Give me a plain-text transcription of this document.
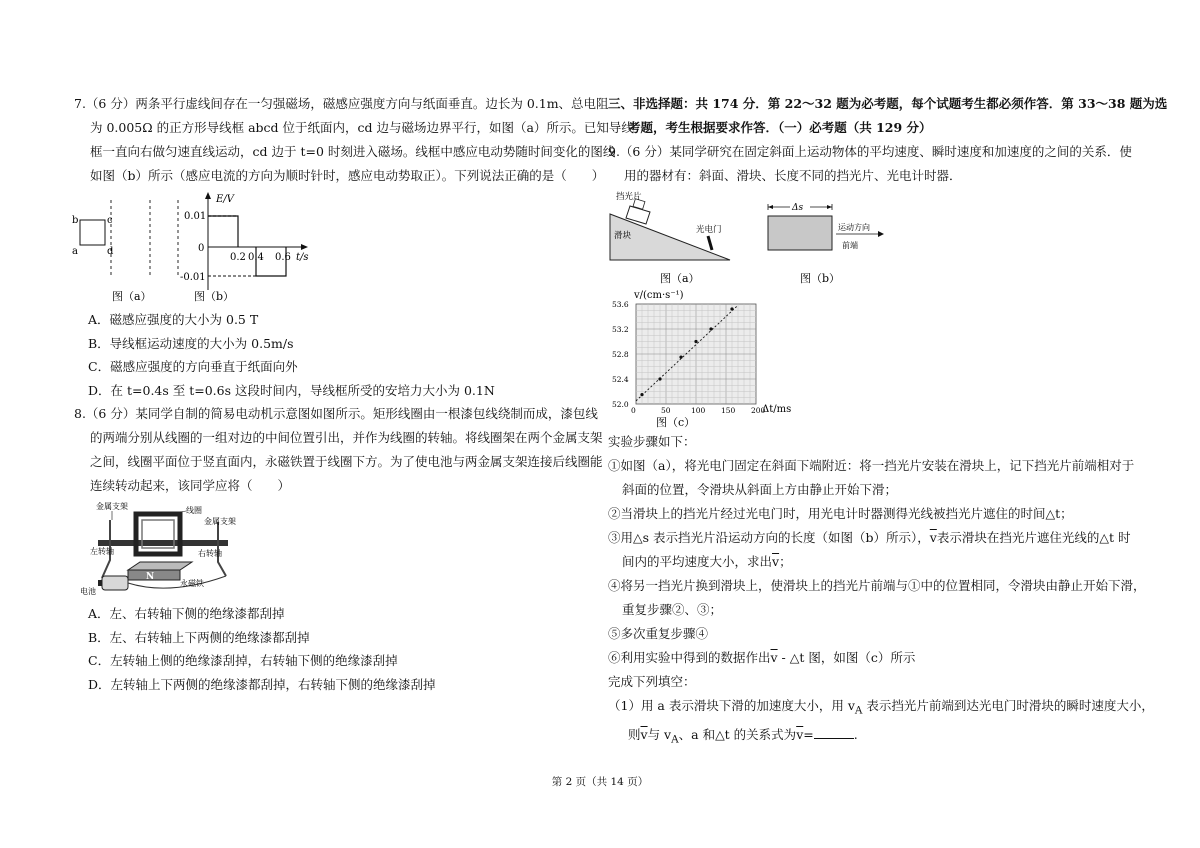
7.（6 分）两条平行虚线间存在一匀强磁场，磁感应强度方向与纸面垂直。边长为 0.1m、总电阻
为 0.005Ω 的正方形导线框 abcd 位于纸面内，cd 边与磁场边界平行，如图（a）所示。已知导线
框一直向右做匀速直线运动，cd 边于 t=0 时刻进入磁场。线框中感应电动势随时间变化的图线
如图（b）所示（感应电流的方向为顺时针时，感应电动势取正）。下列说法正确的是（　　）
b
a
c
d
图（a）
E/V
t/s
0.01
0
-0.01
0.2 0.4 0.6
图（b）
A．磁感应强度的大小为 0.5 T
B．导线框运动速度的大小为 0.5m/s
C．磁感应强度的方向垂直于纸面向外
D．在 t=0.4s 至 t=0.6s 这段时间内，导线框所受的安培力大小为 0.1N
8.（6 分）某同学自制的简易电动机示意图如图所示。矩形线圈由一根漆包线绕制而成，漆包线
的两端分别从线圈的一组对边的中间位置引出，并作为线圈的转轴。将线圈架在两个金属支架
之间，线圈平面位于竖直面内，永磁铁置于线圈下方。为了使电池与两金属支架连接后线圈能
连续转动起来，该同学应将（　　）
N
金属支架	线圈
金属支架
左转轴	右转轴
永磁铁
电池
A．左、右转轴下侧的绝缘漆都刮掉
B．左、右转轴上下两侧的绝缘漆都刮掉
C．左转轴上侧的绝缘漆刮掉，右转轴下侧的绝缘漆刮掉
D．左转轴上下两侧的绝缘漆都刮掉，右转轴下侧的绝缘漆刮掉
三、非选择题：共 174 分．第 22～32 题为必考题，每个试题考生都必须作答．第 33～38 题为选
考题，考生根据要求作答．（一）必考题（共 129 分）
9.（6 分）某同学研究在固定斜面上运动物体的平均速度、瞬时速度和加速度的之间的关系．使
用的器材有：斜面、滑块、长度不同的挡光片、光电计时器．
挡光片
滑块
光电门
图（a）
Δs
运动方向
前端
图（b）
v/(cm·s⁻¹)
0	50	100 150 200
52.0
52.4
52.8
53.2
53.6
Δt/ms
图（c）
实验步骤如下：
①如图（a），将光电门固定在斜面下端附近：将一挡光片安装在滑块上，记下挡光片前端相对于
斜面的位置，令滑块从斜面上方由静止开始下滑；
②当滑块上的挡光片经过光电门时，用光电计时器测得光线被挡光片遮住的时间△t；
③用△s 表示挡光片沿运动方向的长度（如图（b）所示），$\overline{v}$表示滑块在挡光片遮住光线的△t 时
间内的平均速度大小，求出$\overline{v}$；
④将另一挡光片换到滑块上，使滑块上的挡光片前端与①中的位置相同，令滑块由静止开始下滑，
重复步骤②、③；
⑤多次重复步骤④
⑥利用实验中得到的数据作出$\overline{v}$ - △t 图，如图（c）所示
完成下列填空：
（1）用 a 表示滑块下滑的加速度大小，用 $v_A$ 表示挡光片前端到达光电门时滑块的瞬时速度大小，
则$\overline{v}$与 $v_A$、a 和△t 的关系式为$\overline{v}=$	.
第 2 页（共 14 页）
